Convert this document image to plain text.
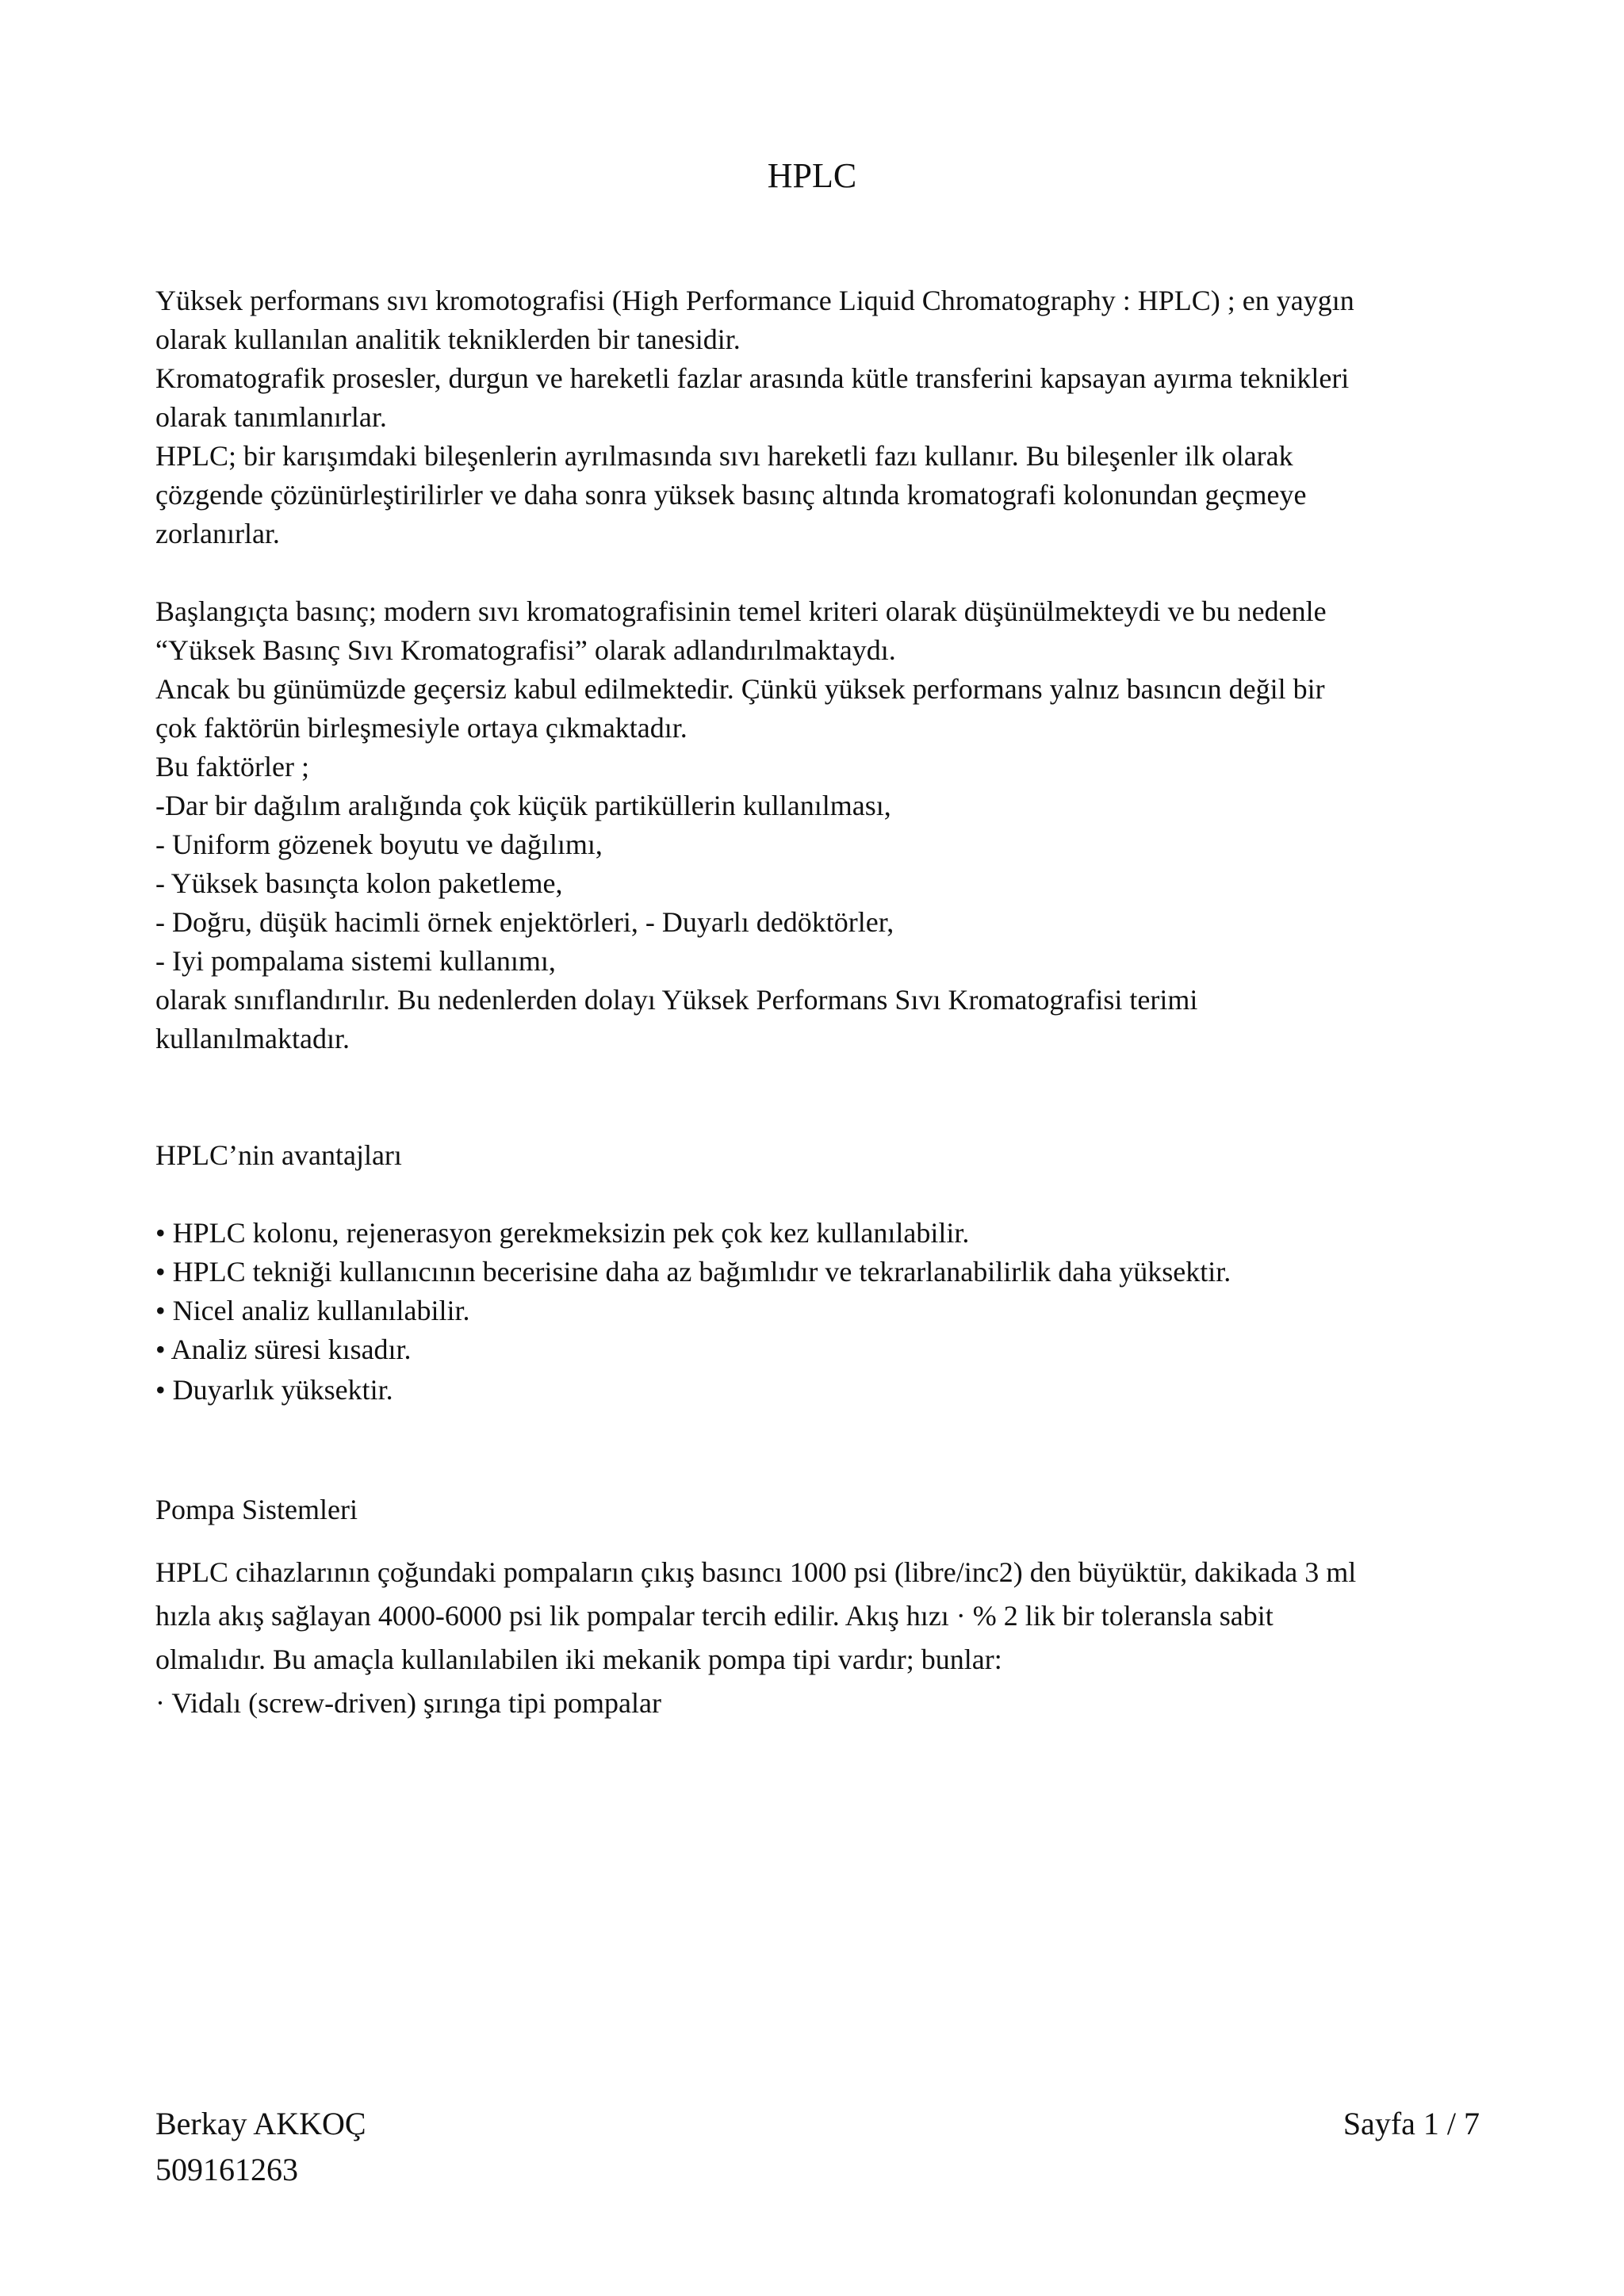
HPLC

Yüksek performans sıvı kromotografisi (High Performance Liquid Chromatography : HPLC) ; en yaygın

olarak kullanılan analitik tekniklerden bir tanesidir.

Kromatografik prosesler, durgun ve hareketli fazlar arasında kütle transferini kapsayan ayırma teknikleri

olarak tanımlanırlar.

HPLC; bir karışımdaki bileşenlerin ayrılmasında sıvı hareketli fazı kullanır. Bu bileşenler ilk olarak

çözgende çözünürleştirilirler ve daha sonra yüksek basınç altında kromatografi kolonundan geçmeye

zorlanırlar.

Başlangıçta basınç; modern sıvı kromatografisinin temel kriteri olarak düşünülmekteydi ve bu nedenle

“Yüksek Basınç Sıvı Kromatografisi” olarak adlandırılmaktaydı.

Ancak bu günümüzde geçersiz kabul edilmektedir. Çünkü yüksek performans yalnız basıncın değil bir

çok faktörün birleşmesiyle ortaya çıkmaktadır.

Bu faktörler ;

-Dar bir dağılım aralığında çok küçük partiküllerin kullanılması,

- Uniform gözenek boyutu ve dağılımı,

- Yüksek basınçta kolon paketleme,

- Doğru, düşük hacimli örnek enjektörleri, - Duyarlı dedöktörler,

- Iyi pompalama sistemi kullanımı,

olarak sınıflandırılır. Bu nedenlerden dolayı Yüksek Performans Sıvı Kromatografisi terimi

kullanılmaktadır.

HPLC’nin avantajları

• HPLC kolonu, rejenerasyon gerekmeksizin pek çok kez kullanılabilir.

• HPLC tekniği kullanıcının becerisine daha az bağımlıdır ve tekrarlanabilirlik daha yüksektir.

• Nicel analiz kullanılabilir.

• Analiz süresi kısadır.

• Duyarlık yüksektir.

Pompa Sistemleri

HPLC cihazlarının çoğundaki pompaların çıkış basıncı 1000 psi (libre/inc2) den büyüktür, dakikada 3 ml

hızla akış sağlayan 4000-6000 psi lik pompalar tercih edilir. Akış hızı · % 2 lik bir toleransla sabit

olmalıdır. Bu amaçla kullanılabilen iki mekanik pompa tipi vardır; bunlar:

· Vidalı (screw-driven) şırınga tipi pompalar

Berkay AKKOÇ
509161263
Sayfa 1 / 7
